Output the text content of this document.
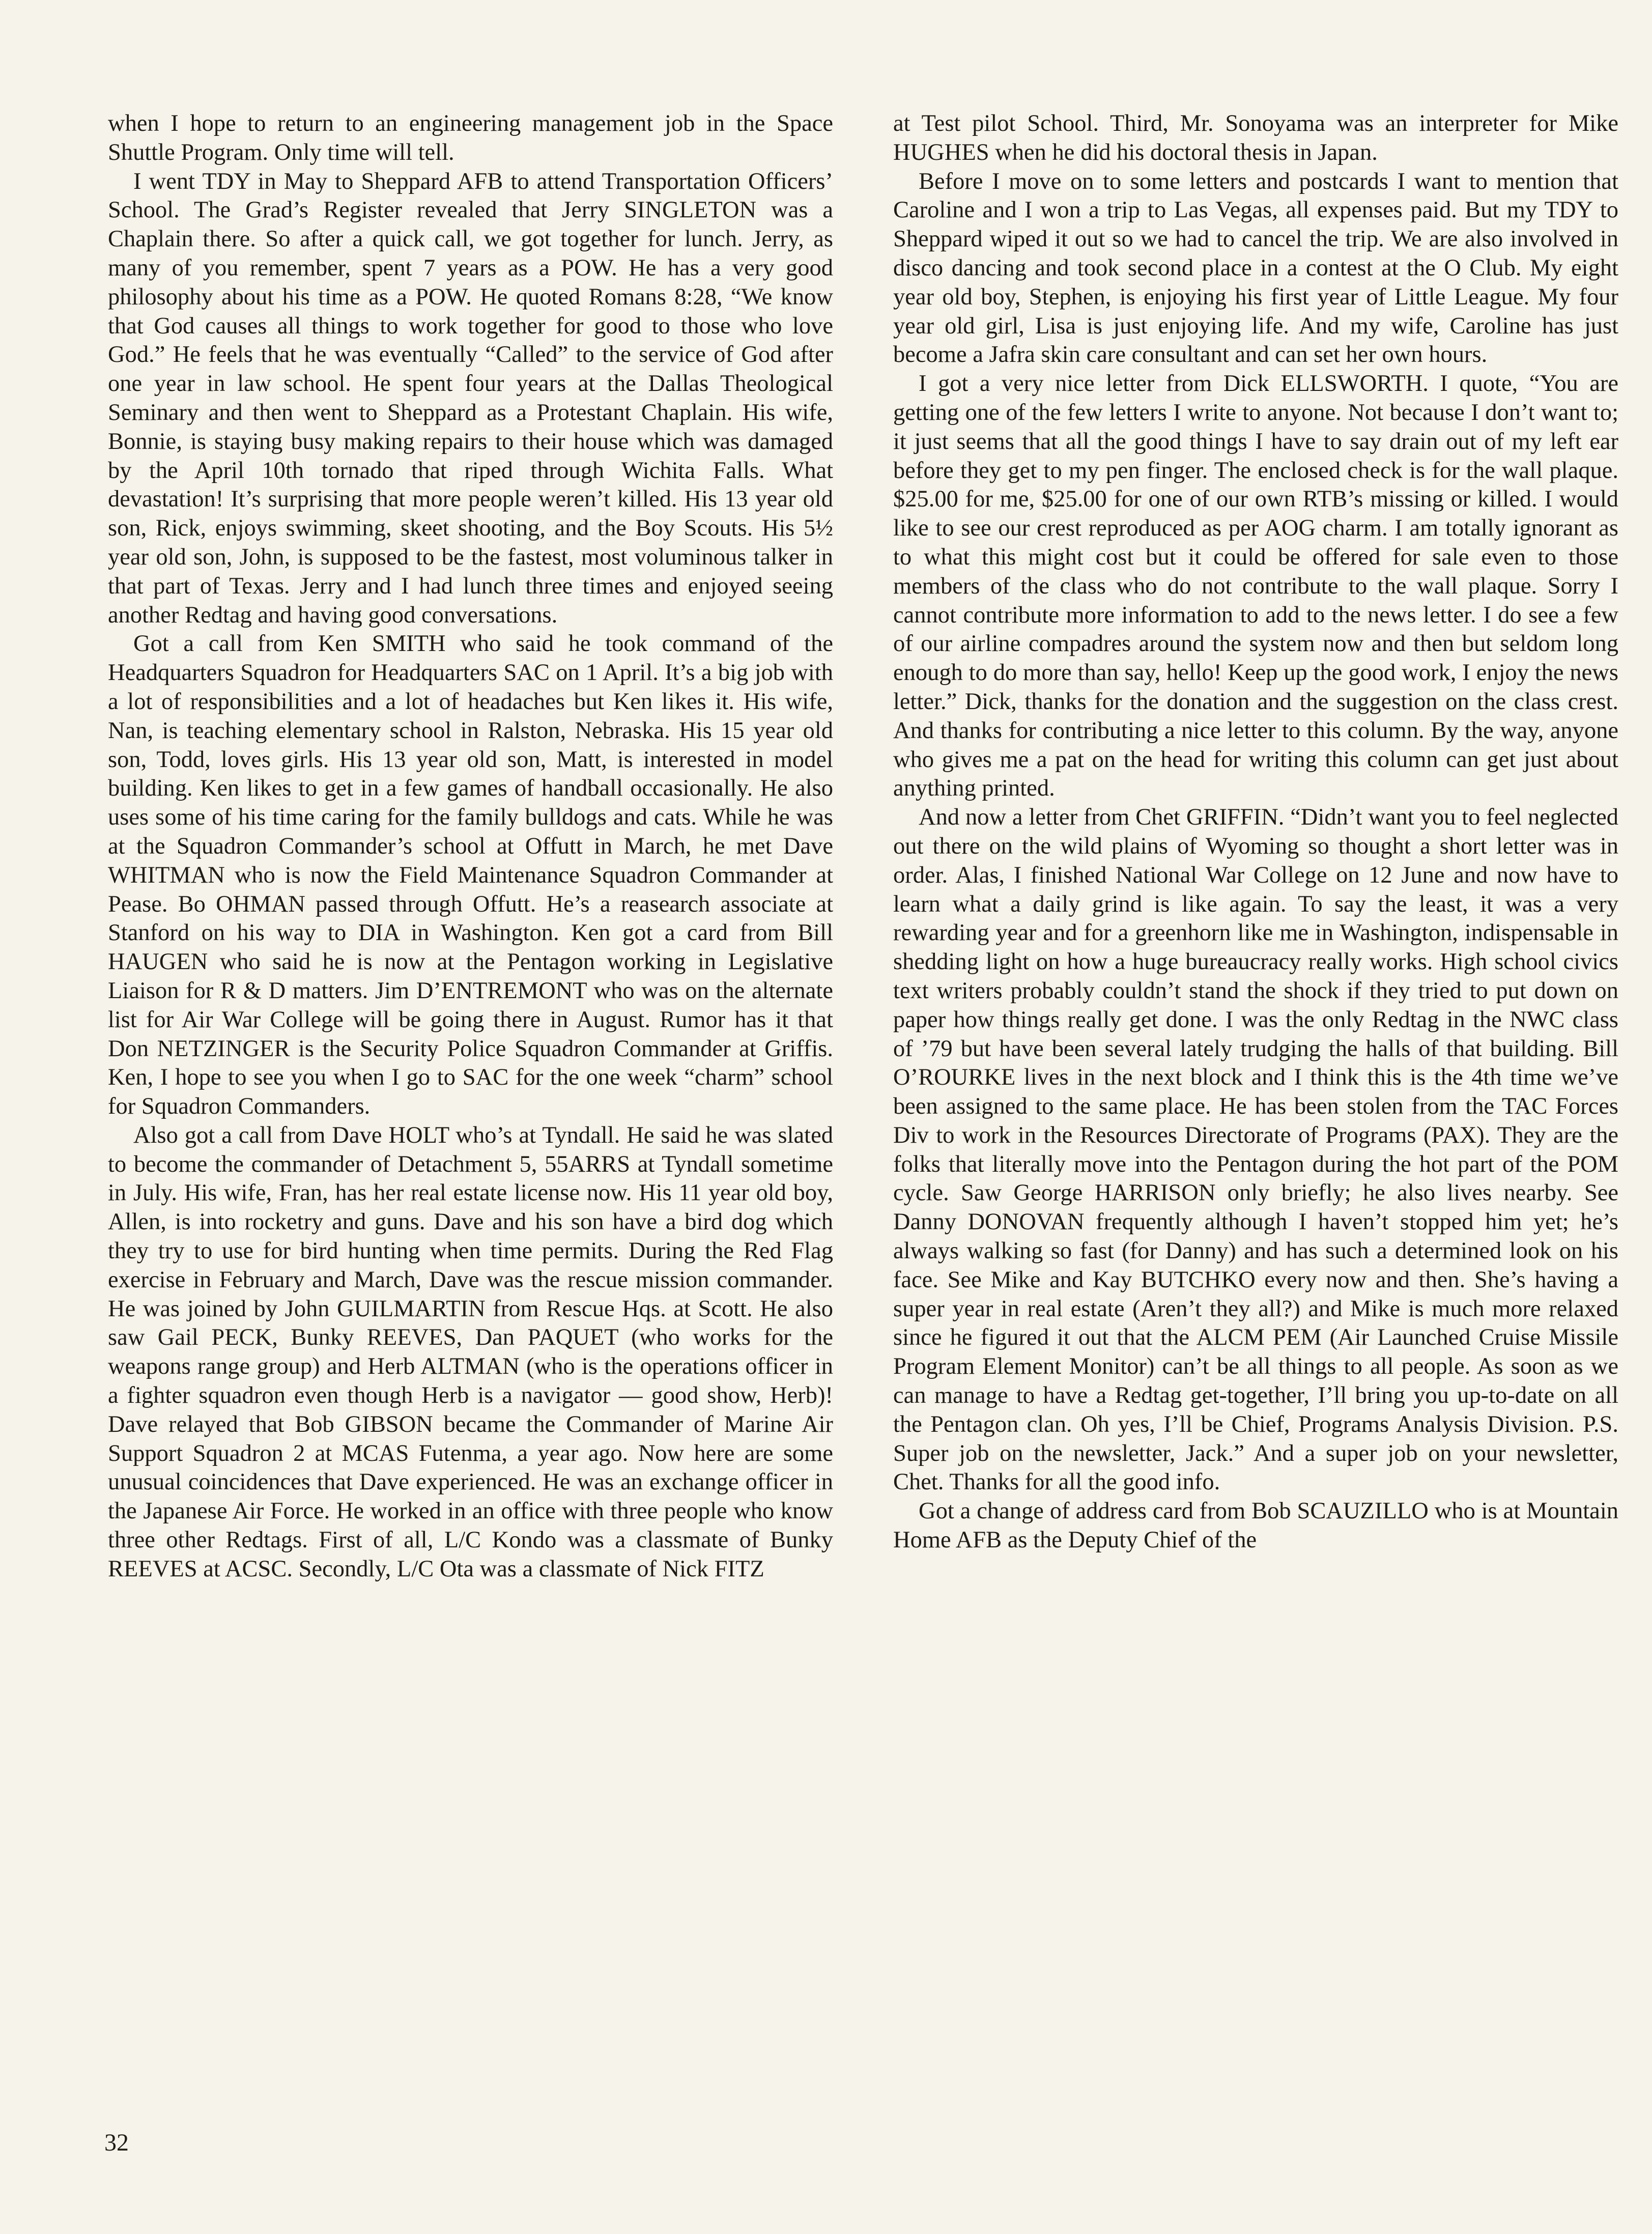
when I hope to return to an engineering management job in the Space Shuttle Program. Only time will tell.

I went TDY in May to Sheppard AFB to attend Transportation Officers’ School. The Grad’s Register revealed that Jerry SINGLETON was a Chaplain there. So after a quick call, we got together for lunch. Jerry, as many of you remember, spent 7 years as a POW. He has a very good philosophy about his time as a POW. He quoted Romans 8:28, “We know that God causes all things to work together for good to those who love God.” He feels that he was eventually “Called” to the service of God after one year in law school. He spent four years at the Dallas Theological Seminary and then went to Sheppard as a Protestant Chaplain. His wife, Bonnie, is staying busy making repairs to their house which was damaged by the April 10th tornado that riped through Wichita Falls. What devastation! It’s surprising that more people weren’t killed. His 13 year old son, Rick, enjoys swimming, skeet shooting, and the Boy Scouts. His 5½ year old son, John, is supposed to be the fastest, most voluminous talker in that part of Texas. Jerry and I had lunch three times and enjoyed seeing another Redtag and having good conversations.

Got a call from Ken SMITH who said he took command of the Headquarters Squadron for Headquarters SAC on 1 April. It’s a big job with a lot of responsibilities and a lot of headaches but Ken likes it. His wife, Nan, is teaching elementary school in Ralston, Nebraska. His 15 year old son, Todd, loves girls. His 13 year old son, Matt, is interested in model building. Ken likes to get in a few games of handball occasionally. He also uses some of his time caring for the family bulldogs and cats. While he was at the Squadron Commander’s school at Offutt in March, he met Dave WHITMAN who is now the Field Maintenance Squadron Commander at Pease. Bo OHMAN passed through Offutt. He’s a reasearch associate at Stanford on his way to DIA in Washington. Ken got a card from Bill HAUGEN who said he is now at the Pentagon working in Legislative Liaison for R & D matters. Jim D’ENTREMONT who was on the alternate list for Air War College will be going there in August. Rumor has it that Don NETZINGER is the Security Police Squadron Commander at Griffis. Ken, I hope to see you when I go to SAC for the one week “charm” school for Squadron Commanders.

Also got a call from Dave HOLT who’s at Tyndall. He said he was slated to become the commander of Detachment 5, 55ARRS at Tyndall sometime in July. His wife, Fran, has her real estate license now. His 11 year old boy, Allen, is into rocketry and guns. Dave and his son have a bird dog which they try to use for bird hunting when time permits. During the Red Flag exercise in February and March, Dave was the rescue mission commander. He was joined by John GUILMARTIN from Rescue Hqs. at Scott. He also saw Gail PECK, Bunky REEVES, Dan PAQUET (who works for the weapons range group) and Herb ALTMAN (who is the operations officer in a fighter squadron even though Herb is a navigator — good show, Herb)! Dave relayed that Bob GIBSON became the Commander of Marine Air Support Squadron 2 at MCAS Futenma, a year ago. Now here are some unusual coincidences that Dave experienced. He was an exchange officer in the Japanese Air Force. He worked in an office with three people who know three other Redtags. First of all, L/C Kondo was a classmate of Bunky REEVES at ACSC. Secondly, L/C Ota was a classmate of Nick FITZ

at Test pilot School. Third, Mr. Sonoyama was an interpreter for Mike HUGHES when he did his doctoral thesis in Japan.

Before I move on to some letters and postcards I want to mention that Caroline and I won a trip to Las Vegas, all expenses paid. But my TDY to Sheppard wiped it out so we had to cancel the trip. We are also involved in disco dancing and took second place in a contest at the O Club. My eight year old boy, Stephen, is enjoying his first year of Little League. My four year old girl, Lisa is just enjoying life. And my wife, Caroline has just become a Jafra skin care consultant and can set her own hours.

I got a very nice letter from Dick ELLSWORTH. I quote, “You are getting one of the few letters I write to anyone. Not because I don’t want to; it just seems that all the good things I have to say drain out of my left ear before they get to my pen finger. The enclosed check is for the wall plaque. $25.00 for me, $25.00 for one of our own RTB’s missing or killed. I would like to see our crest reproduced as per AOG charm. I am totally ignorant as to what this might cost but it could be offered for sale even to those members of the class who do not contribute to the wall plaque. Sorry I cannot contribute more information to add to the news letter. I do see a few of our airline compadres around the system now and then but seldom long enough to do more than say, hello! Keep up the good work, I enjoy the news letter.” Dick, thanks for the donation and the suggestion on the class crest. And thanks for contributing a nice letter to this column. By the way, anyone who gives me a pat on the head for writing this column can get just about anything printed.

And now a letter from Chet GRIFFIN. “Didn’t want you to feel neglected out there on the wild plains of Wyoming so thought a short letter was in order. Alas, I finished National War College on 12 June and now have to learn what a daily grind is like again. To say the least, it was a very rewarding year and for a greenhorn like me in Washington, indispensable in shedding light on how a huge bureaucracy really works. High school civics text writers probably couldn’t stand the shock if they tried to put down on paper how things really get done. I was the only Redtag in the NWC class of ’79 but have been several lately trudging the halls of that building. Bill O’ROURKE lives in the next block and I think this is the 4th time we’ve been assigned to the same place. He has been stolen from the TAC Forces Div to work in the Resources Directorate of Programs (PAX). They are the folks that literally move into the Pentagon during the hot part of the POM cycle. Saw George HARRISON only briefly; he also lives nearby. See Danny DONOVAN frequently although I haven’t stopped him yet; he’s always walking so fast (for Danny) and has such a determined look on his face. See Mike and Kay BUTCHKO every now and then. She’s having a super year in real estate (Aren’t they all?) and Mike is much more relaxed since he figured it out that the ALCM PEM (Air Launched Cruise Missile Program Element Monitor) can’t be all things to all people. As soon as we can manage to have a Redtag get-together, I’ll bring you up-to-date on all the Pentagon clan. Oh yes, I’ll be Chief, Programs Analysis Division. P.S. Super job on the newsletter, Jack.” And a super job on your newsletter, Chet. Thanks for all the good info.

Got a change of address card from Bob SCAUZILLO who is at Mountain Home AFB as the Deputy Chief of the

32
